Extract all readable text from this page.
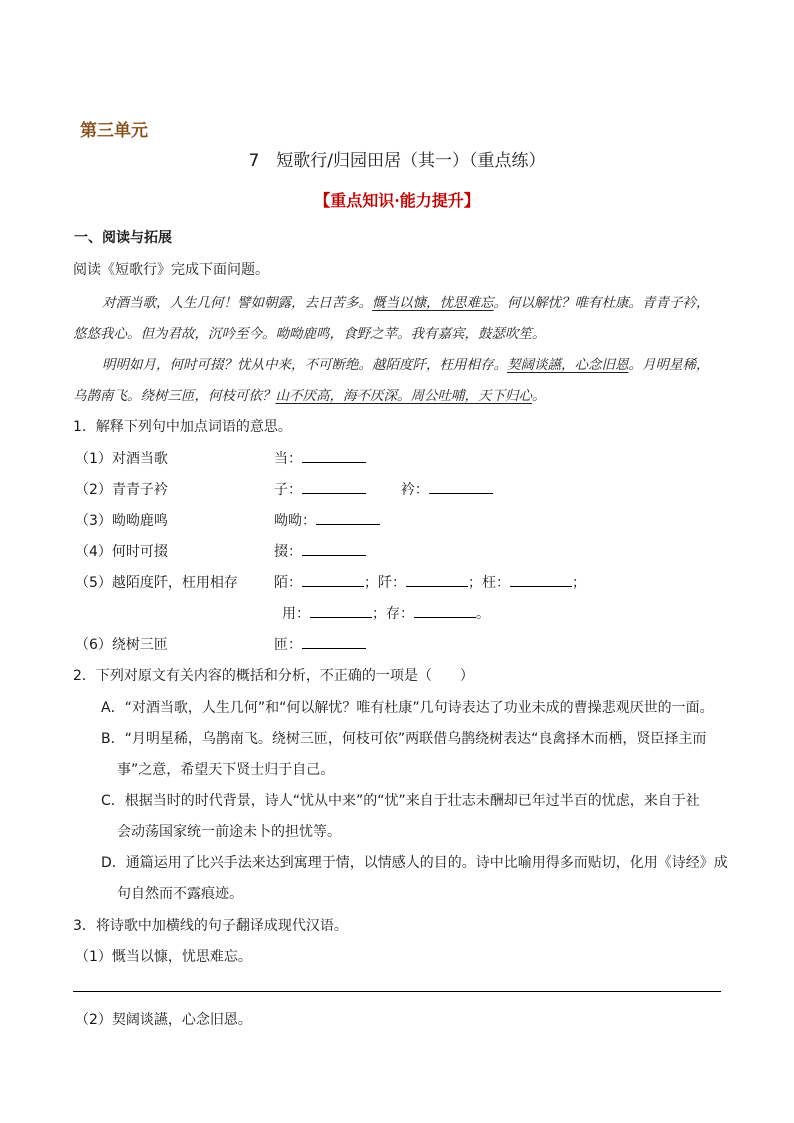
第三单元
7　短歌行/归园田居（其一）（重点练）
【重点知识·能力提升】
一、阅读与拓展
阅读《短歌行》完成下面问题。
对酒当歌，人生几何！譬如朝露，去日苦多。慨当以慷，忧思难忘。何以解忧？唯有杜康。青青子衿，
悠悠我心。但为君故，沉吟至今。呦呦鹿鸣，食野之苹。我有嘉宾，鼓瑟吹笙。
明明如月，何时可掇？忧从中来，不可断绝。越陌度阡，枉用相存。契阔谈讌，心念旧恩。月明星稀，
乌鹊南飞。绕树三匝，何枝可依？山不厌高，海不厌深。周公吐哺，天下归心。
1．解释下列句中加点词语的意思。
（1）对酒当歌	当：
（2）青青子衿	子：	衿：
（3）呦呦鹿鸣	呦呦：
（4）何时可掇	掇：
（5）越陌度阡，枉用相存	陌：	；阡：	；枉：	；
用：	；存：	。
（6）绕树三匝	匝：
2．下列对原文有关内容的概括和分析，不正确的一项是（　　）
A．“对酒当歌，人生几何”和“何以解忧？唯有杜康”几句诗表达了功业未成的曹操悲观厌世的一面。
B．“月明星稀，乌鹊南飞。绕树三匝，何枝可依”两联借乌鹊绕树表达“良禽择木而栖，贤臣择主而
事”之意，希望天下贤士归于自己。
C．根据当时的时代背景，诗人“忧从中来”的“忧”来自于壮志未酬却已年过半百的忧虑，来自于社
会动荡国家统一前途未卜的担忧等。
D．通篇运用了比兴手法来达到寓理于情，以情感人的目的。诗中比喻用得多而贴切，化用《诗经》成
句自然而不露痕迹。
3．将诗歌中加横线的句子翻译成现代汉语。
（1）慨当以慷，忧思难忘。
（2）契阔谈讌，心念旧恩。
